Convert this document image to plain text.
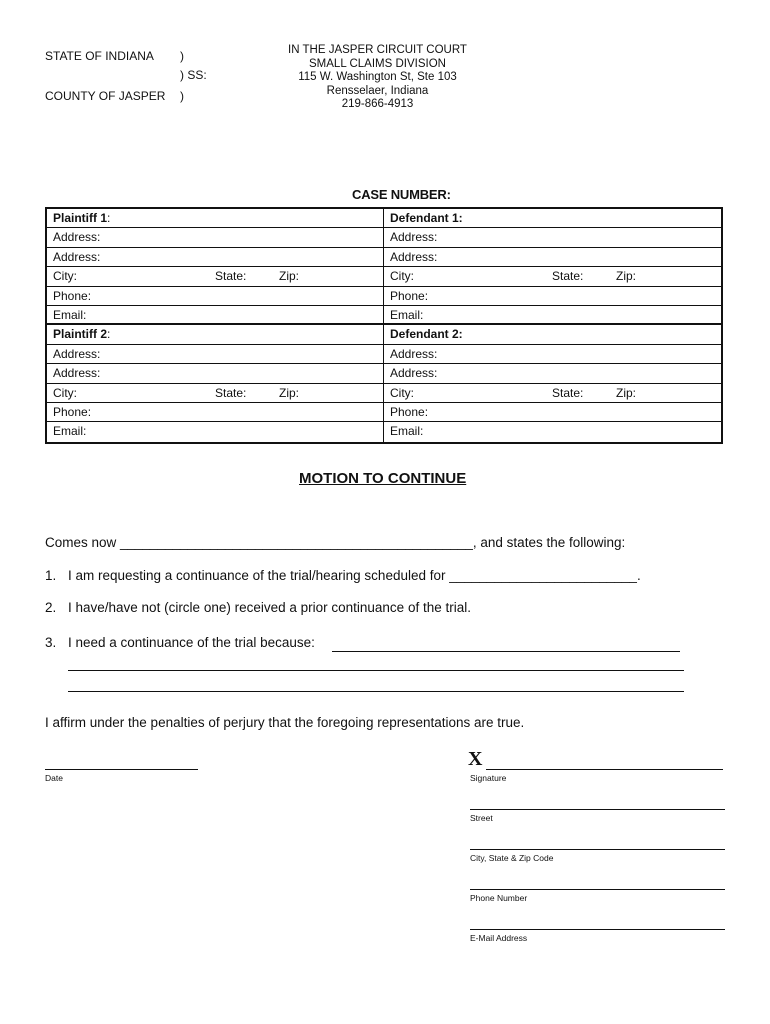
STATE OF INDIANA )
) SS:
COUNTY OF JASPER )
IN THE JASPER CIRCUIT COURT
SMALL CLAIMS DIVISION
115 W. Washington St, Ste 103
Rensselaer, Indiana
219-866-4913
CASE NUMBER:
Plaintiff 1:	Defendant 1:
Address:	Address:
Address:	Address:
City:	State:	Zip:	City:	State:	Zip:
Phone:	Phone:
Email:	Email:
Plaintiff 2:	Defendant 2:
Address:	Address:
Address:	Address:
City:	State:	Zip:	City:	State:	Zip:
Phone:	Phone:
Email:	Email:
MOTION TO CONTINUE
Comes now _______________________________________________, and states the following:
1. I am requesting a continuance of the trial/hearing scheduled for _________________________.
2. I have/have not (circle one) received a prior continuance of the trial.
3. I need a continuance of the trial because:
I affirm under the penalties of perjury that the foregoing representations are true.
Date
X
Signature
Street
City, State & Zip Code
Phone Number
E-Mail Address
